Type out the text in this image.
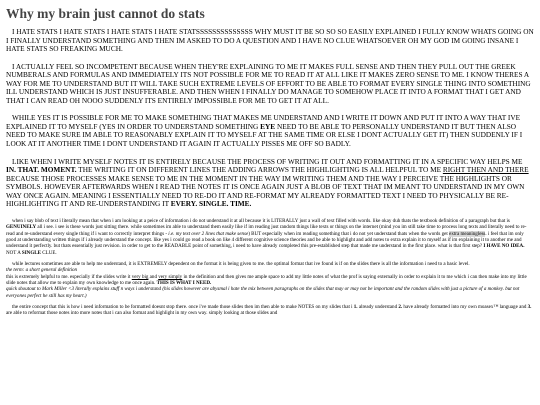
Why my brain just cannot do stats

I HATE STATS I HATE STATS I HATE STATS I HATE STATSSSSSSSSSSSSSS WHY MUST IT BE SO SO SO EASILY EXPLAINED I FULLY KNOW WHATS GOING ON I FINALLY UNDERSTAND SOMETHING AND THEN IM ASKED TO DO A QUESTION AND I HAVE NO CLUE WHATSOEVER OH MY GOD IM GOING INSANE I HATE STATS SO FREAKING MUCH.

I ACTUALLY FEEL SO INCOMPETENT BECAUSE WHEN THEY'RE EXPLAINING TO ME IT MAKES FULL SENSE AND THEN THEY PULL OUT THE GREEK NUMBERALS AND FORMULAS AND IMMEDIATELY ITS NOT POSSIBLE FOR ME TO READ IT AT ALL LIKE IT MAKES ZERO SENSE TO ME. I KNOW THERES A WAY FOR ME TO UNDERSTAND BUT IT WILL TAKE SUCH EXTREME LEVELS OF EFFORT TO BE ABLE TO FORMAT EVERY SINGLE THING INTO SOMETHING ILL UNDERSTAND WHICH IS JUST INSUFFERABLE. AND THEN WHEN I FINALLY DO MANAGE TO SOMEHOW PLACE IT INTO A FORMAT THAT I GET AND THAT I CAN READ OH NOOO SUDDENLY ITS ENTIRELY IMPOSSIBLE FOR ME TO GET IT AT ALL.

WHILE YES IT IS POSSIBLE FOR ME TO MAKE SOMETHING THAT MAKES ME UNDERSTAND AND I WRITE IT DOWN AND PUT IT INTO A WAY THAT IVE EXPLAINED IT TO MYSELF (YES IN ORDER TO UNDERSTAND SOMETHING EYE NEED TO BE ABLE TO PERSONALLY UNDERSTAND IT BUT THEN ALSO NEED TO MAKE SURE IM ABLE TO REASONABLY EXPLAIN IT TO MYSELF AT THE SAME TIME OR ELSE I DONT ACTUALLY GET IT) THEN SUDDENLY IF I LOOK AT IT ANOTHER TIME I DONT UNDERSTAND IT AGAIN IT ACTUALLY PISSES ME OFF SO BADLY.

LIKE WHEN I WRITE MYSELF NOTES IT IS ENTIRELY BECAUSE THE PROCESS OF WRITING IT OUT AND FORMATTING IT IN A SPECIFIC WAY HELPS ME IN. THAT. MOMENT. THE WRITING IT ON DIFFERENT LINES THE ADDING ARROWS THE HIGHLIGHTING IS ALL HELPFUL TO ME RIGHT THEN AND THERE BECAUSE THOSE PROCESSES MAKE SENSE TO ME IN THE MOMENT IN THE WAY IM WRITING THEM AND THE WAY I PERCEIVE THE HIGHLIGHTS OR SYMBOLS. HOWEVER AFTERWARDS WHEN I READ THE NOTES IT IS ONCE AGAIN JUST A BLOB OF TEXT THAT IM MEANT TO UNDERSTAND IN MY OWN WAY ONCE AGAIN. MEANING I ESSENTIALLY NEED TO RE-DO IT AND RE-FORMAT MY ALREADY FORMATTED TEXT I NEED TO PHYSICALLY BE RE-HIGHLIGHTING IT AND RE-UNDERSTANDING IT EVERY. SINGLE. TIME.

when i say blob of text i literally mean that when i am looking at a peice of information i do not understand it at all because it is LITERALLY just a wall of text filled with words. like okay duh thats the textbook definition of a paragraph but that is GENUINELY all i see. i see is these words just sitting there. while sometimes im able to understand them easily like if im reading just random things like texts or things on the internet (mind you im still take time to process long texts and literally need to re-read and re-understand every single thing if i want to correctly interpret things - i.e. my text over 2 lines that make sense) BUT especially when im reading something that i do not yet understand thats when the words get extra meaningless. i feel that im only good at understanding written things if i already understand the concept. like yes i could go read a book on like 4 different cognitive science theories and be able to highlight and add notes to extra explain it to myself as if im explaining it to another me and understand it perfectly. but thats essentially just revision. in order to get to the READABLE point of something, i need to have already completed this pre-established step that made me understand in the first place. what is that first step? I HAVE NO IDEA. NOT A SINGLE CLUE.

while lectures sometimes are able to help me understand, it is EXTREMELY dependent on the format it is being given to me. the optimal format that ive found is if on the slides there is all the information i need to a basic level.
the term: a short general definition
this is extremely helpful to me. especially if the slides write it very big and very simply in the definition and then gives me ample space to add my little notes of what the prof is saying externally in order to explain it to me which i can then make into my little slide notes that allow me to explain my own knowledge to me once again. THIS IS WHAT I NEED.
quick shoutout to Mark Miller <3 literally explains stuff n ways i understand (his slides however are abysmal i hate the mix between paragraphs on the slides that may or may not be important and the random slides with just a picture of a monkey. but not everyones perfect he still has my heart.)

the entire concept that this is how i need information to be formatted doesnt stop there. once i've made those slides then im then able to make NOTES on my slides that i 1. already understand 2. have already formatted into my own moasex™ language and 3. are able to reformat those notes into more notes that i can also format and highlight in my own way. simply looking at those slides and
